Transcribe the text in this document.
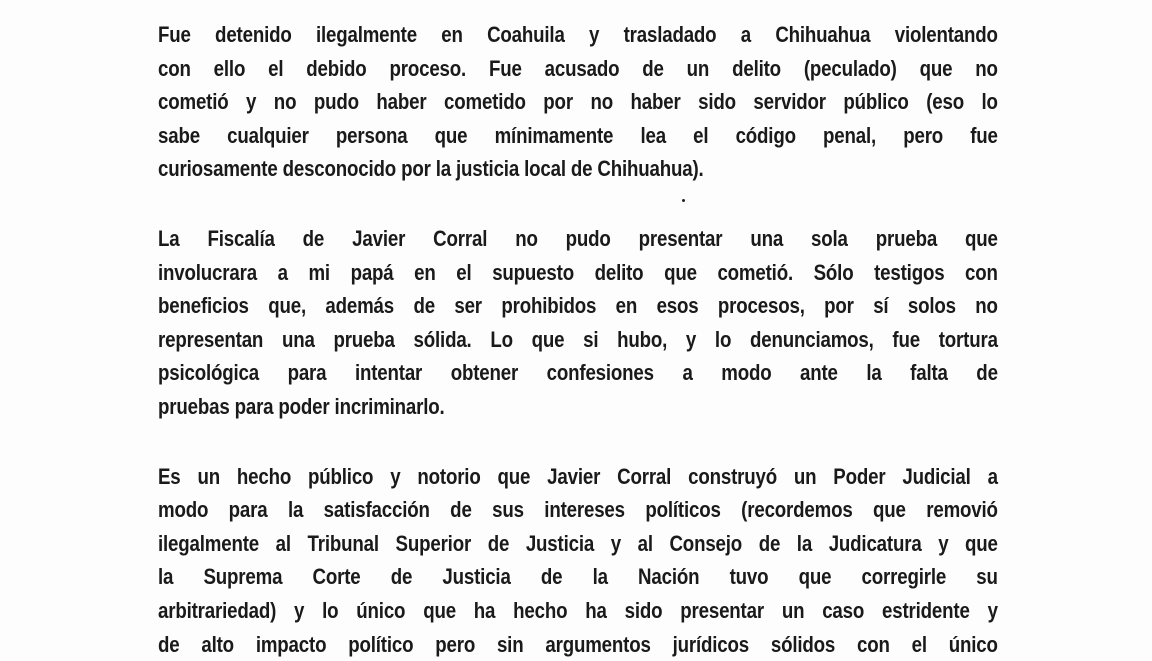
Fue detenido ilegalmente en Coahuila y trasladado a Chihuahua violentando
con ello el debido proceso. Fue acusado de un delito (peculado) que no
cometió y no pudo haber cometido por no haber sido servidor público (eso lo
sabe cualquier persona que mínimamente lea el código penal, pero fue
curiosamente desconocido por la justicia local de Chihuahua).
La Fiscalía de Javier Corral no pudo presentar una sola prueba que
involucrara a mi papá en el supuesto delito que cometió. Sólo testigos con
beneficios que, además de ser prohibidos en esos procesos, por sí solos no
representan una prueba sólida. Lo que si hubo, y lo denunciamos, fue tortura
psicológica para intentar obtener confesiones a modo ante la falta de
pruebas para poder incriminarlo.
Es un hecho público y notorio que Javier Corral construyó un Poder Judicial a
modo para la satisfacción de sus intereses políticos (recordemos que removió
ilegalmente al Tribunal Superior de Justicia y al Consejo de la Judicatura y que
la Suprema Corte de Justicia de la Nación tuvo que corregirle su
arbitrariedad) y lo único que ha hecho ha sido presentar un caso estridente y
de alto impacto político pero sin argumentos jurídicos sólidos con el único
